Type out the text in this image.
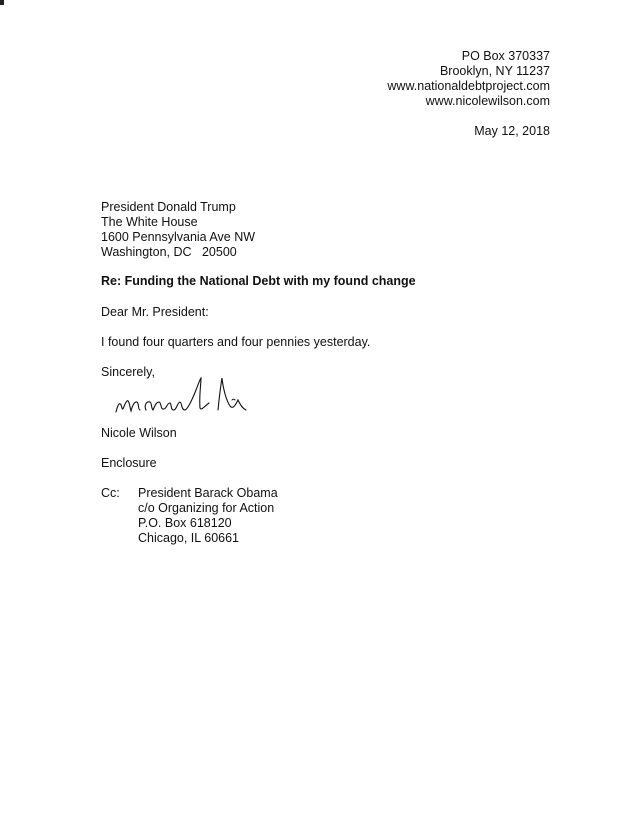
PO Box 370337
Brooklyn, NY 11237
www.nationaldebtproject.com
www.nicolewilson.com
May 12, 2018
President Donald Trump
The White House
1600 Pennsylvania Ave NW
Washington, DC   20500
Re: Funding the National Debt with my found change
Dear Mr. President:
I found four quarters and four pennies yesterday.
Sincerely,
Nicole Wilson
Enclosure
Cc: President Barack Obama
c/o Organizing for Action
P.O. Box 618120
Chicago, IL 60661
